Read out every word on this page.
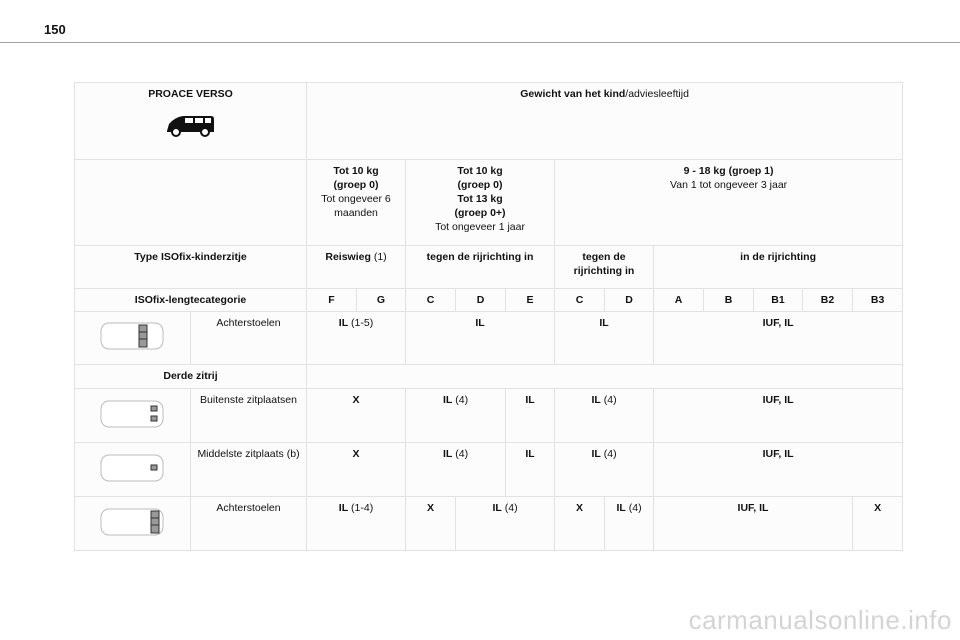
150
PROACE VERSO		Gewicht van het kind/adviesleeftijd											
		Tot 10 kg
(groep 0)
Tot ongeveer 6
maanden		Tot 10 kg
(groep 0)
Tot 13 kg
(groep 0+)
Tot ongeveer 1 jaar			9 - 18 kg (groep 1)
Van 1 tot ongeveer 3 jaar						
Type ISOfix-kinderzitje		Reiswieg (1)		tegen de rijrichting in			tegen de rijrichting in		in de rijrichting				
ISOfix-lengtecategorie		F	G	C	D	E	C	D	A	B	B1	B2	B3
	Achterstoelen	IL (1-5)		IL			IL		IUF, IL				
Derde zitrij													
	Buitenste zitplaatsen	X		IL (4)		IL	IL (4)		IUF, IL				
	Middelste zitplaats (b)	X		IL (4)		IL	IL (4)		IUF, IL				
	Achterstoelen	IL (1-4)		X	IL (4)		X	IL (4)	IUF, IL				X
carmanualsonline.info
